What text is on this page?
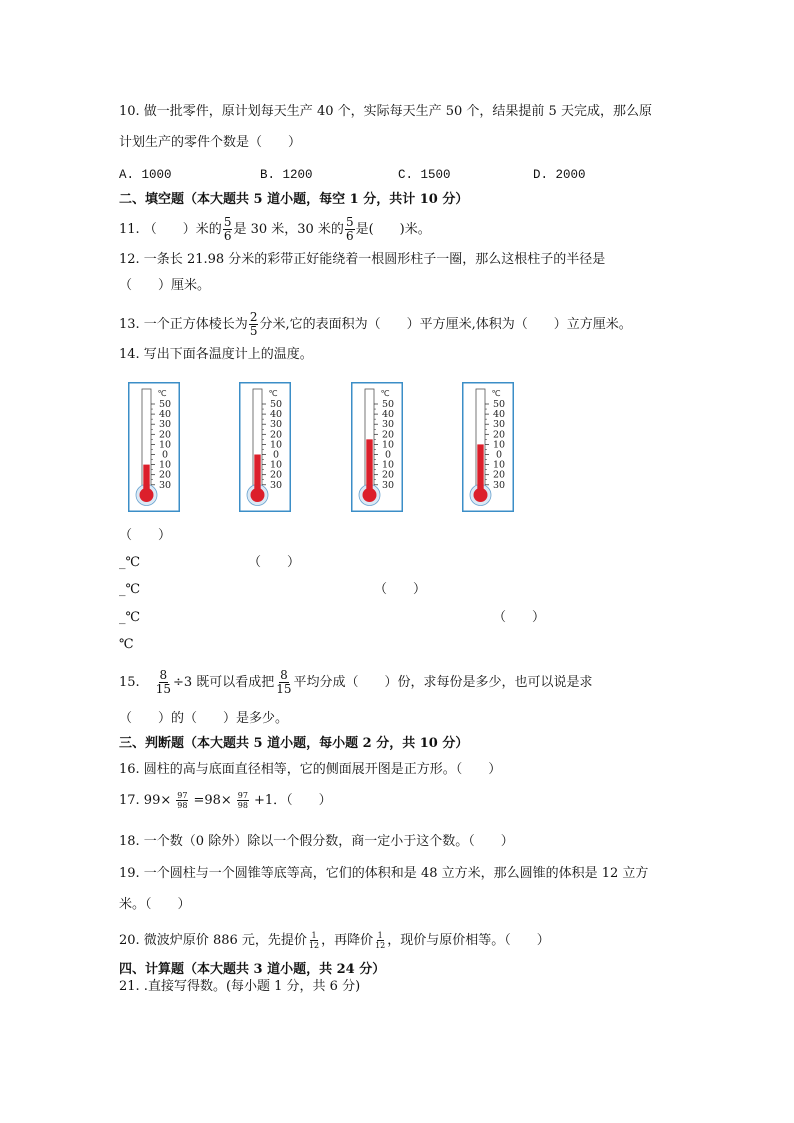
10. 做一批零件，原计划每天生产 40 个，实际每天生产 50 个，结果提前 5 天完成，那么原
计划生产的零件个数是（　　）
A. 1000	B. 1200	C. 1500	D. 2000
二、填空题（本大题共 5 道小题，每空 1 分，共计 10 分）
11. （　　）米的 $\frac{5}{6}$ 是 30 米，30 米的 $\frac{5}{6}$ 是(　　)米。
12. 一条长 21.98 分米的彩带正好能绕着一根圆形柱子一圈，那么这根柱子的半径是
（　　）厘米。
13. 一个正方体棱长为 $\frac{2}{5}$ 分米,它的表面积为（　　）平方厘米,体积为（　　）立方厘米。
14. 写出下面各温度计上的温度。
℃
50
40
30
20
10
0
10
20
30
℃
50
40
30
20
10
0
10
20
30
℃
50
40
30
20
10
0
10
20
30
℃
50
40
30
20
10
0
10
20
30
（　　）
_℃	（　　）
_℃	（　　）
_℃	（　　）
℃
15. $\frac{8}{15} \div 3$ 既可以看成把 $\frac{8}{15}$ 平均分成（　　）份，求每份是多少，也可以说是求
（　　）的（　　）是多少。
三、判断题（本大题共 5 道小题，每小题 2 分，共 10 分）
16. 圆柱的高与底面直径相等，它的侧面展开图是正方形。（　　）
17. $99\times \frac{97}{98} =98\times \frac{97}{98} +1$．（　　）
18. 一个数（0 除外）除以一个假分数，商一定小于这个数。（　　）
19. 一个圆柱与一个圆锥等底等高，它们的体积和是 48 立方米，那么圆锥的体积是 12 立方
米。（　　）
20. 微波炉原价 886 元，先提价 $\frac{1}{12}$ ，再降价 $\frac{1}{12}$ ，现价与原价相等。（　　）
四、计算题（本大题共 3 道小题，共 24 分）
21. .直接写得数。(每小题 1 分，共 6 分)
